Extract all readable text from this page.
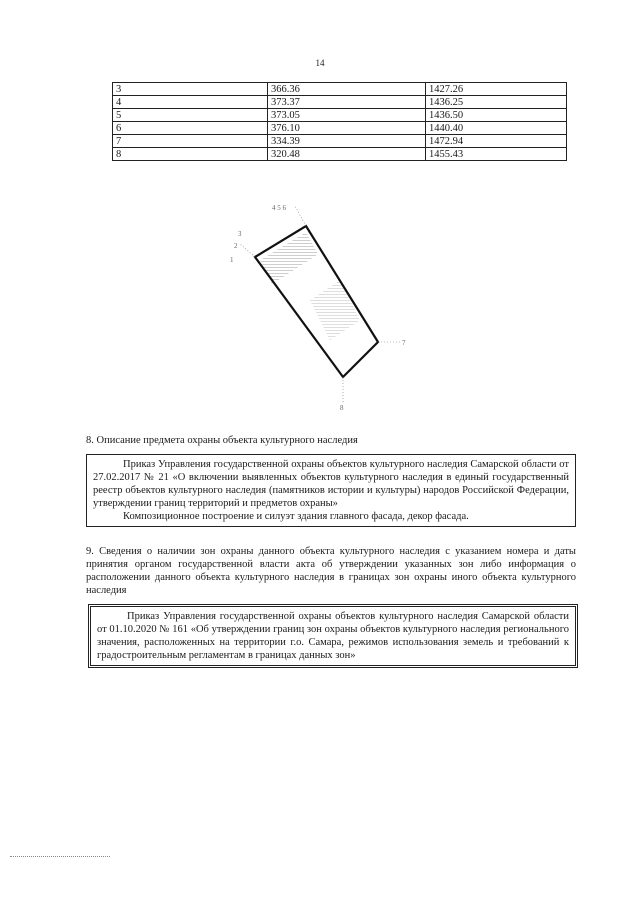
14
3	366.36	1427.26
4	373.37	1436.25
5	373.05	1436.50
6	376.10	1440.40
7	334.39	1472.94
8	320.48	1455.43
4 5 6
3
2
1
7
8
8. Описание предмета охраны объекта культурного наследия

Приказ Управления государственной охраны объектов культурного наследия Самарской области от 27.02.2017 № 21 «О включении выявленных объектов культурного наследия в единый государственный реестр объектов культурного наследия (памятников истории и культуры) народов Российской Федерации, утверждении границ территорий и предметов охраны»

Композиционное построение и силуэт здания главного фасада, декор фасада.

9. Сведения о наличии зон охраны данного объекта культурного наследия с указанием номера и даты принятия органом государственной власти акта об утверждении указанных зон либо информация о расположении данного объекта культурного наследия в границах зон охраны иного объекта культурного наследия

Приказ Управления государственной охраны объектов культурного наследия Самарской области от 01.10.2020 № 161 «Об утверждении границ зон охраны объектов культурного наследия регионального значения, расположенных на территории г.о. Самара, режимов использования земель и требований к градостроительным регламентам в границах данных зон»
